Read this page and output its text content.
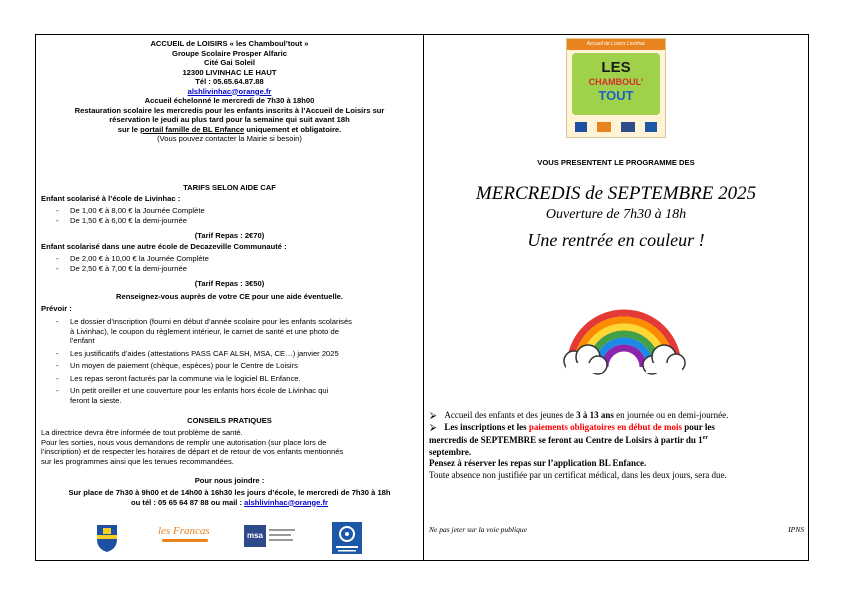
ACCUEIL de LOISIRS « les Chamboul’tout »
Groupe Scolaire Prosper Alfaric
Cité Gai Soleil
12300 LIVINHAC LE HAUT
Tél : 05.65.64.87.88
alshlivinhac@orange.fr
Accueil échelonné le mercredi de 7h30 à 18h00
Restauration scolaire les mercredis pour les enfants inscrits à l’Accueil de Loisirs sur
réservation le jeudi au plus tard pour la semaine qui suit avant 18h
sur le portail famille de BL Enfance uniquement et obligatoire.
(Vous pouvez contacter la Mairie si besoin)
TARIFS SELON AIDE CAF
Enfant scolarisé à l’école de Livinhac :
- De 1,00 € à 8,00 € la Journée Complète
- De 1,50 € à 6,00 € la demi-journée
(Tarif Repas : 2€70)
Enfant scolarisé dans une autre école de Decazeville Communauté :
- De 2,00 € à 10,00 € la Journée Complète
- De 2,50 € à 7,00 € la demi-journée
(Tarif Repas : 3€50)
Renseignez-vous auprès de votre CE pour une aide éventuelle.
Prévoir :
- Le dossier d’inscription (fourni en début d’année scolaire pour les enfants scolarisés
à Livinhac), le coupon du règlement intérieur, le carnet de santé et une photo de
l’enfant
- Les justificatifs d’aides (attestations PASS CAF ALSH, MSA, CE…) janvier 2025
- Un moyen de paiement (chèque, espèces) pour le Centre de Loisirs
- Les repas seront facturés par la commune via le logiciel BL Enfance.
- Un petit oreiller et une couverture pour les enfants hors école de Livinhac qui
feront la sieste.
CONSEILS PRATIQUES
La directrice devra être informée de tout problème de santé.
Pour les sorties, nous vous demandons de remplir une autorisation (sur place lors de
l’inscription) et de respecter les horaires de départ et de retour de vos enfants mentionnés
sur les programmes ainsi que les tenues recommandées.
Pour nous joindre :
Sur place de 7h30 à 9h00 et de 14h00 à 16h30 les jours d’école, le mercredi de 7h30 à 18h
ou tél : 05 65 64 87 88 ou mail : alshlivinhac@orange.fr
les Francas	msa
Accueil de Loisirs Livinhac
LES
CHAMBOUL'
TOUT
VOUS PRESENTENT LE PROGRAMME DES
MERCREDIS de SEPTEMBRE 2025
Ouverture de 7h30 à 18h
Une rentrée en couleur !
⮚ Accueil des enfants et des jeunes de 3 à 13 ans en journée ou en demi-journée.
⮚ Les inscriptions et les paiements obligatoires en début de mois pour les
mercredis de SEPTEMBRE se feront au Centre de Loisirs à partir du 1er
septembre.
Pensez à réserver les repas sur l’application BL Enfance.
Toute absence non justifiée par un certificat médical, dans les deux jours, sera due.
Ne pas jeter sur la voie publique	IPNS
